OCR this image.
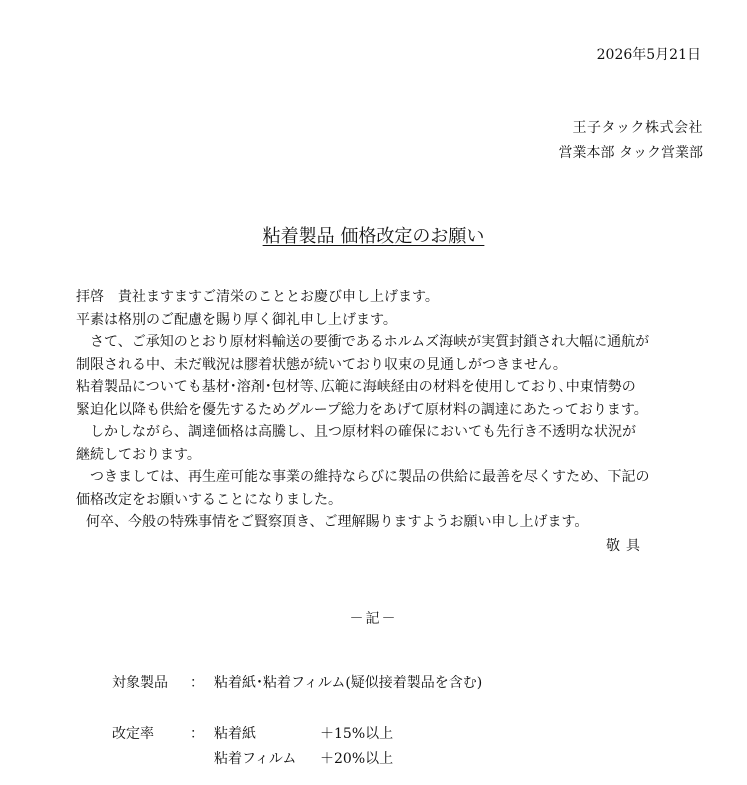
2026年5月21日
王子タック株式会社
営業本部 タック営業部
粘着製品 価格改定のお願い
拝啓　貴社ますますご清栄のこととお慶び申し上げます。
平素は格別のご配慮を賜り厚く御礼申し上げます。
　さて、ご承知のとおり原材料輸送の要衝であるホルムズ海峡が実質封鎖され大幅に通航が
制限される中、未だ戦況は膠着状態が続いており収束の見通しがつきません。
粘着製品についても基材･溶剤･包材等､広範に海峡経由の材料を使用しており､中東情勢の
緊迫化以降も供給を優先するためグループ総力をあげて原材料の調達にあたっております。
　しかしながら、調達価格は高騰し、且つ原材料の確保においても先行き不透明な状況が
継続しております。
　つきましては、再生産可能な事業の維持ならびに製品の供給に最善を尽くすため、下記の
価格改定をお願いすることになりました。
何卒、今般の特殊事情をご賢察頂き、ご理解賜りますようお願い申し上げます。
敬具
－記－
対象製品 ： 粘着紙･粘着フィルム(疑似接着製品を含む)
改定率	： 粘着紙	＋15%以上
粘着フィルム ＋20%以上
